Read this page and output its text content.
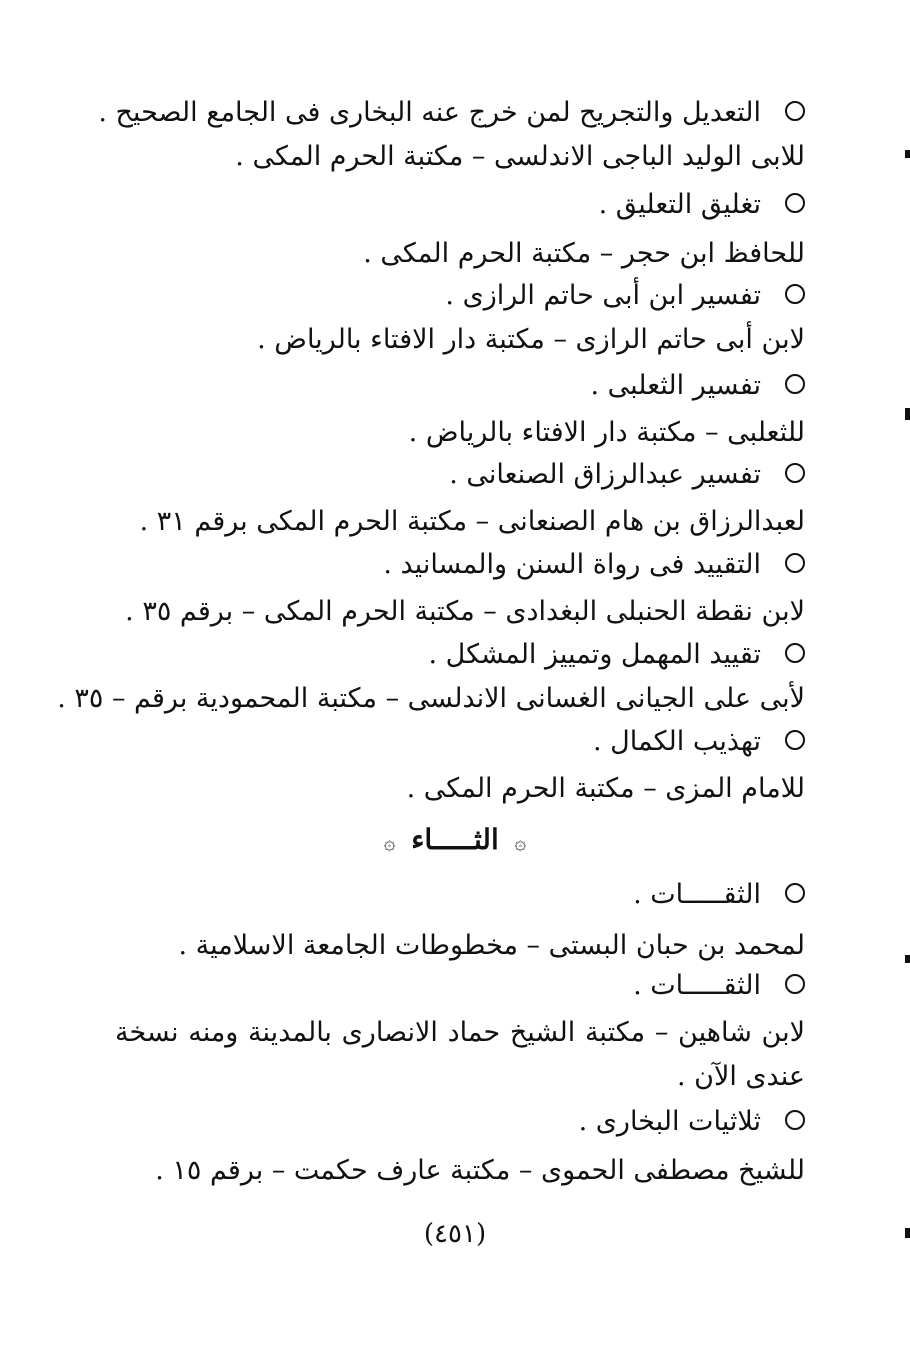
التعديل والتجريح لمن خرج عنه البخارى فى الجامع الصحيح .
للابى الوليد الباجى الاندلسى – مكتبة الحرم المكى .
تغليق التعليق .
للحافظ ابن حجر – مكتبة الحرم المكى .
تفسير ابن أبى حاتم الرازى .
لابن أبى حاتم الرازى – مكتبة دار الافتاء بالرياض .
تفسير الثعلبى .
للثعلبى – مكتبة دار الافتاء بالرياض .
تفسير عبدالرزاق الصنعانى .
لعبدالرزاق بن هام الصنعانى – مكتبة الحرم المكى برقم ٣١ .
التقييد فى رواة السنن والمسانيد .
لابن نقطة الحنبلى البغدادى – مكتبة الحرم المكى – برقم ٣٥ .
تقييد المهمل وتمييز المشكل .
لأبى على الجيانى الغسانى الاندلسى – مكتبة المحمودية برقم – ٣٥ .
تهذيب الكمال .
للامام المزى – مكتبة الحرم المكى .
۞ الثـــــاء ۞
الثقـــــات .
لمحمد بن حبان البستى – مخطوطات الجامعة الاسلامية .
الثقـــــات .
لابن شاهين – مكتبة الشيخ حماد الانصارى بالمدينة ومنه نسخة عندى الآن .
ثلاثيات البخارى .
للشيخ مصطفى الحموى – مكتبة عارف حكمت – برقم ١٥ .
(٤٥١)
